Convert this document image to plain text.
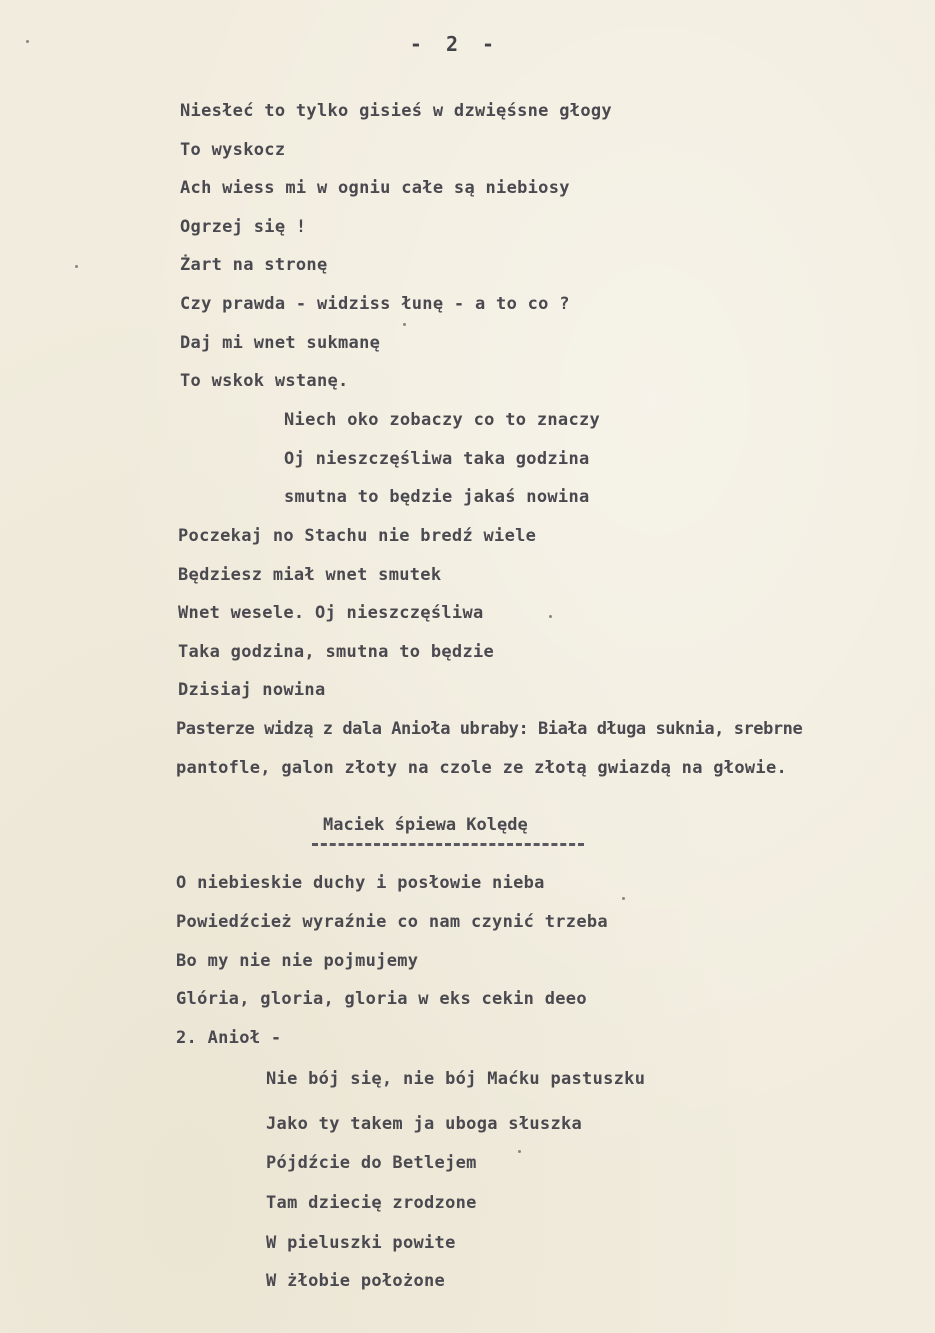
- 2 -
Niesłeć to tylko gisieś w dzwięśsne głogy
To wyskocz
Ach wiess mi w ogniu całe są niebiosy
Ogrzej się !
Żart na stronę
Czy prawda - widziss łunę - a to co ?
Daj mi wnet sukmanę
To wskok wstanę.
Niech oko zobaczy co to znaczy
Oj nieszczęśliwa taka godzina
smutna to będzie jakaś nowina
Poczekaj no Stachu nie bredź wiele
Będziesz miał wnet smutek
Wnet wesele. Oj nieszczęśliwa
Taka godzina, smutna to będzie
Dzisiaj nowina
Pasterze widzą z dala Anioła ubraby: Biała długa suknia, srebrne
pantofle, galon złoty na czole ze złotą gwiazdą na głowie.
Maciek śpiewa Kolędę
O niebieskie duchy i posłowie nieba
Powiedźcież wyraźnie co nam czynić trzeba
Bo my nie nie pojmujemy
Glória, gloria, gloria w eks cekin deeo
2. Anioł -
Nie bój się, nie bój Maćku pastuszku
Jako ty takem ja uboga słuszka
Pójdźcie do Betlejem
Tam dziecię zrodzone
W pieluszki powite
W żłobie położone
